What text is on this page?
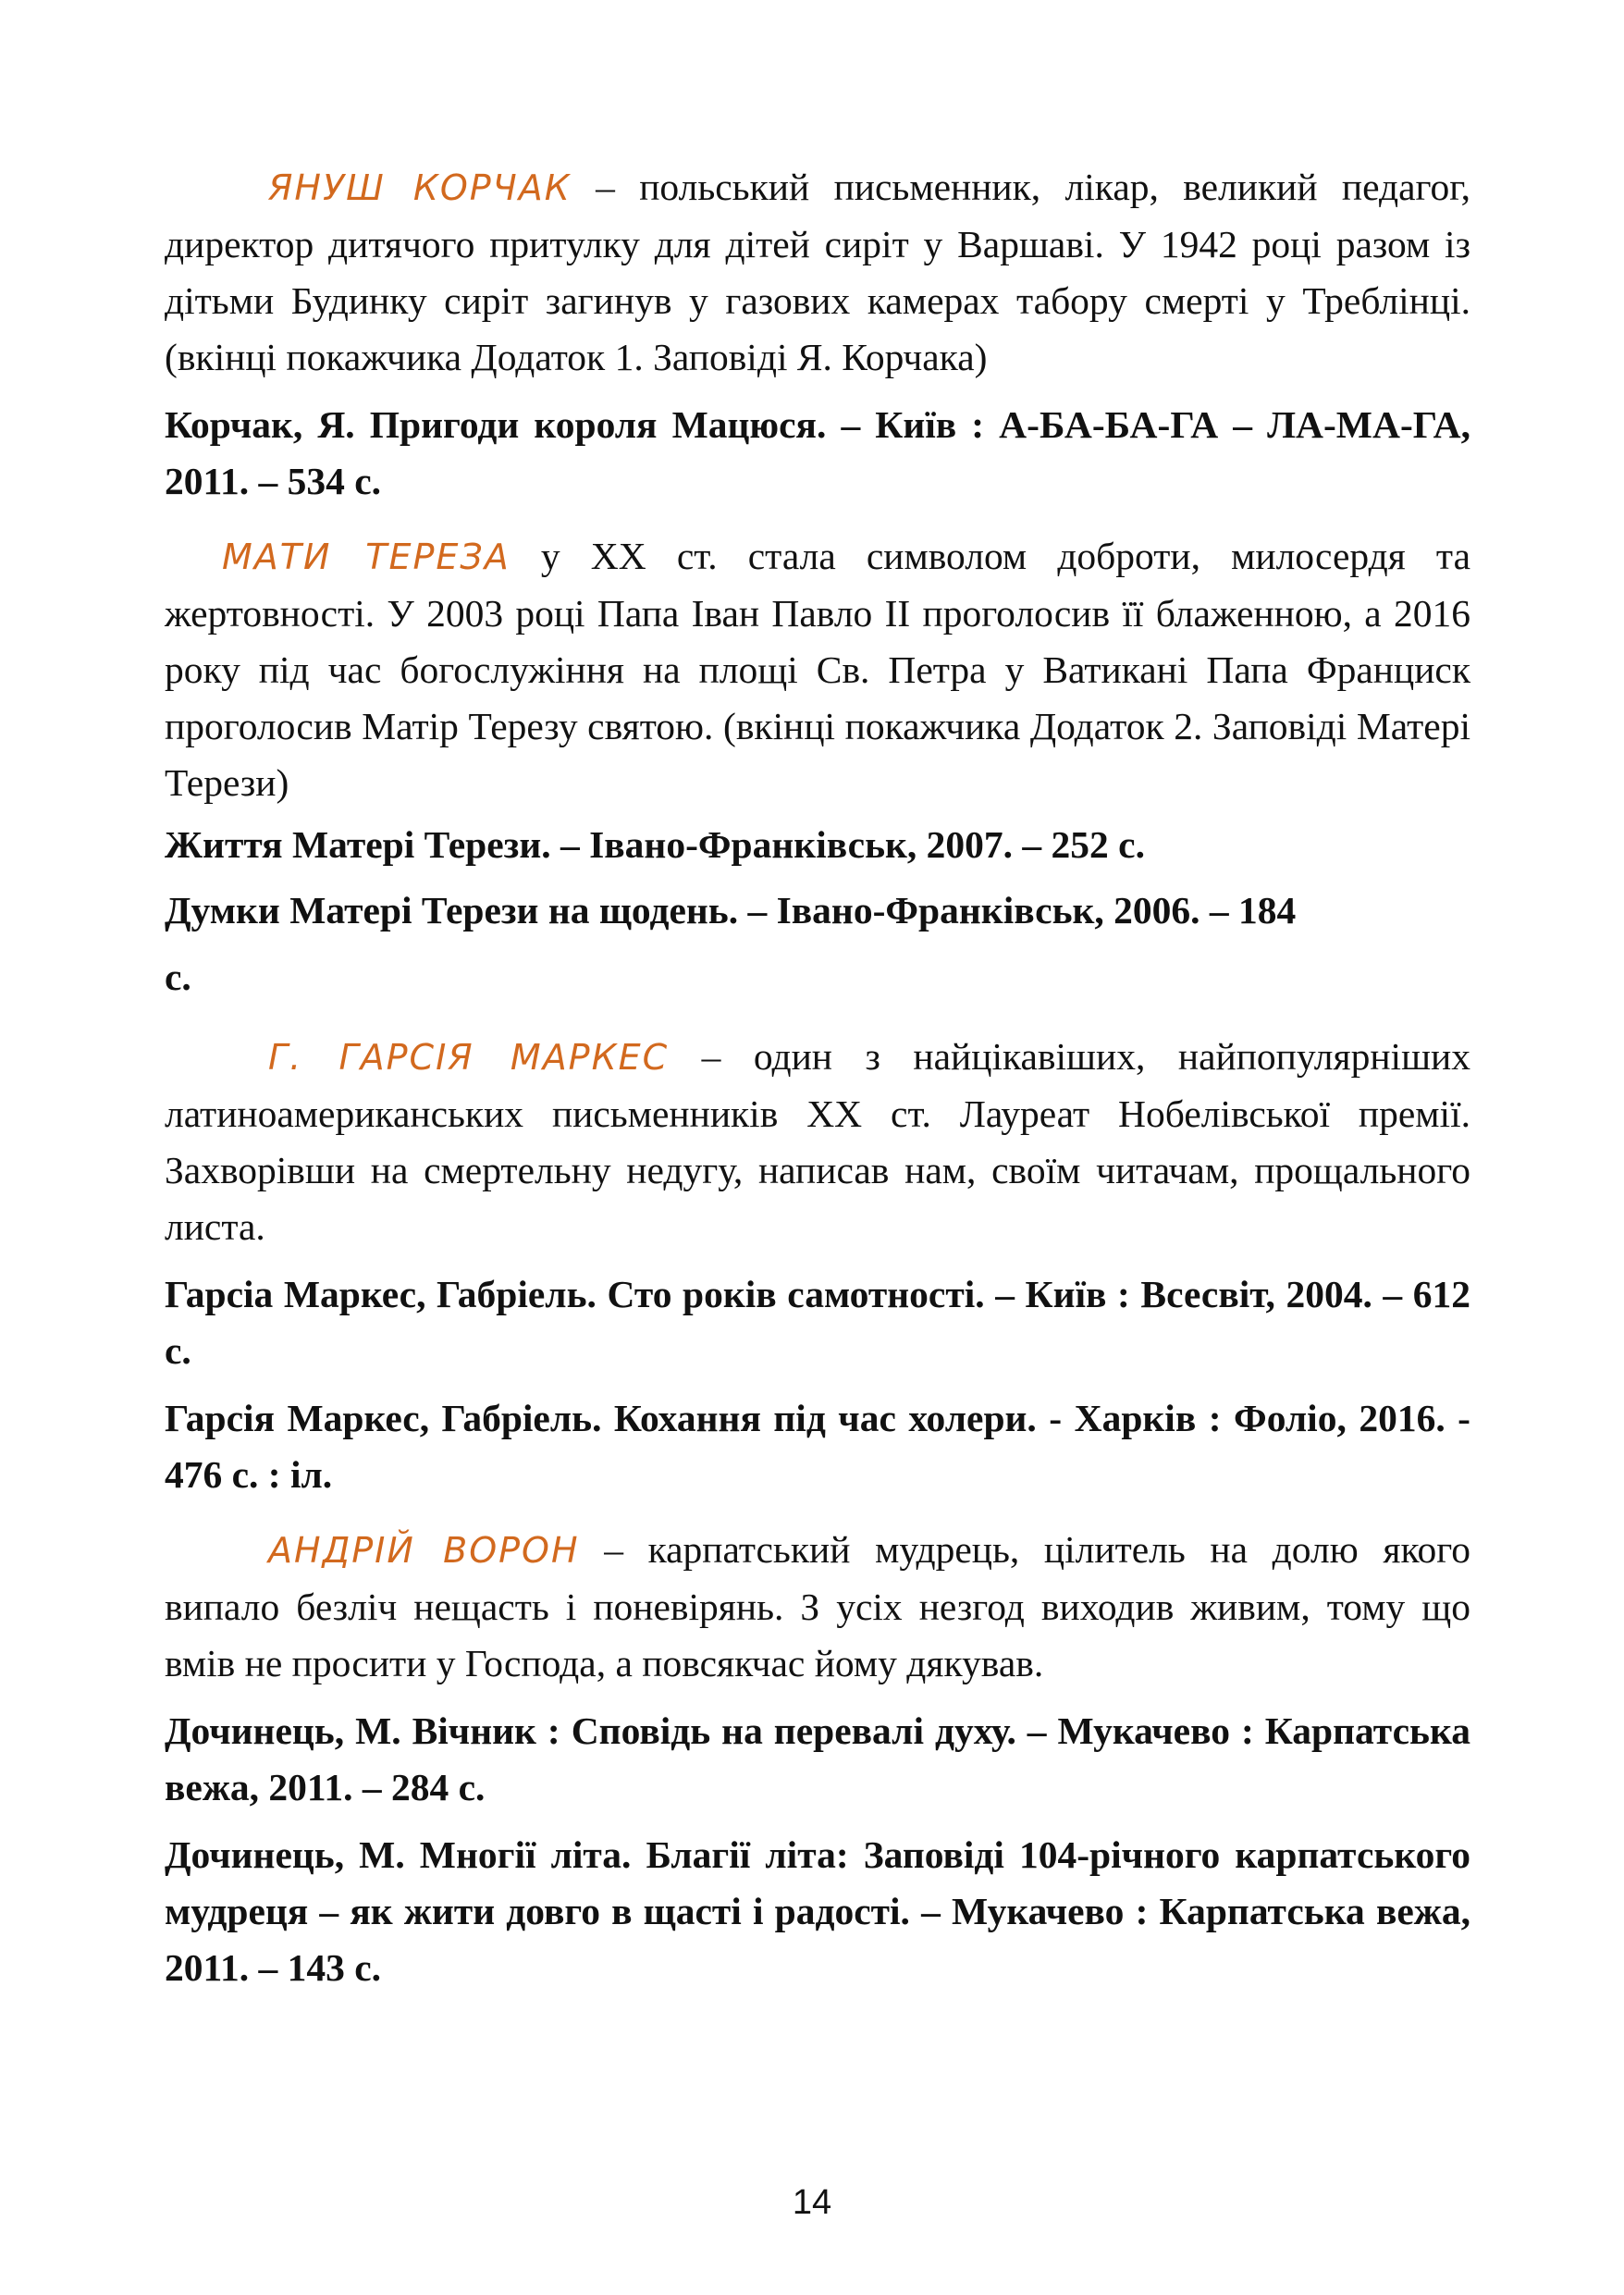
ЯНУШ КОРЧАК – польський письменник, лікар, великий педагог, директор дитячого притулку для дітей сиріт у Варшаві. У 1942 році разом із дітьми Будинку сиріт загинув у газових камерах табору смерті у Треблінці. (вкінці покажчика Додаток 1. Заповіді Я. Корчака)

Корчак, Я. Пригоди короля Мацюся. – Київ : А-БА-БА-ГА – ЛА-МА-ГА, 2011. – 534 с.

МАТИ ТЕРЕЗА у XX ст. стала символом доброти, милосердя та жертовності. У 2003 році Папа Іван Павло II проголосив її блаженною, а 2016 року під час богослужіння на площі Св. Петра у Ватикані Папа Франциск проголосив Матір Терезу святою. (вкінці покажчика Додаток 2. Заповіді Матері Терези)

Життя Матері Терези. – Івано-Франківськ, 2007. – 252 с.

Думки Матері Терези на щодень. – Івано-Франківськ, 2006. – 184 с.

Г. ГАРСІЯ МАРКЕС – один з найцікавіших, найпопулярніших латиноамериканських письменників XX ст. Лауреат Нобелівської премії. Захворівши на смертельну недугу, написав нам, своїм читачам, прощального листа.

Гарсіа Маркес, Габріель. Сто років самотності. – Київ : Всесвіт, 2004. – 612 с.

Гарсія Маркес, Габріель. Кохання під час холери. - Харків : Фоліо, 2016. - 476 с. : іл.

АНДРІЙ ВОРОН – карпатський мудрець, цілитель на долю якого випало безліч нещасть і поневірянь. З усіх незгод виходив живим, тому що вмів не просити у Господа, а повсякчас йому дякував.

Дочинець, М. Вічник : Сповідь на перевалі духу. – Мукачево : Карпатська вежа, 2011. – 284 с.

Дочинець, М. Многії літа. Благії літа: Заповіді 104-річного карпатського мудреця – як жити довго в щасті і радості. – Мукачево : Карпатська вежа, 2011. – 143 с.

14
